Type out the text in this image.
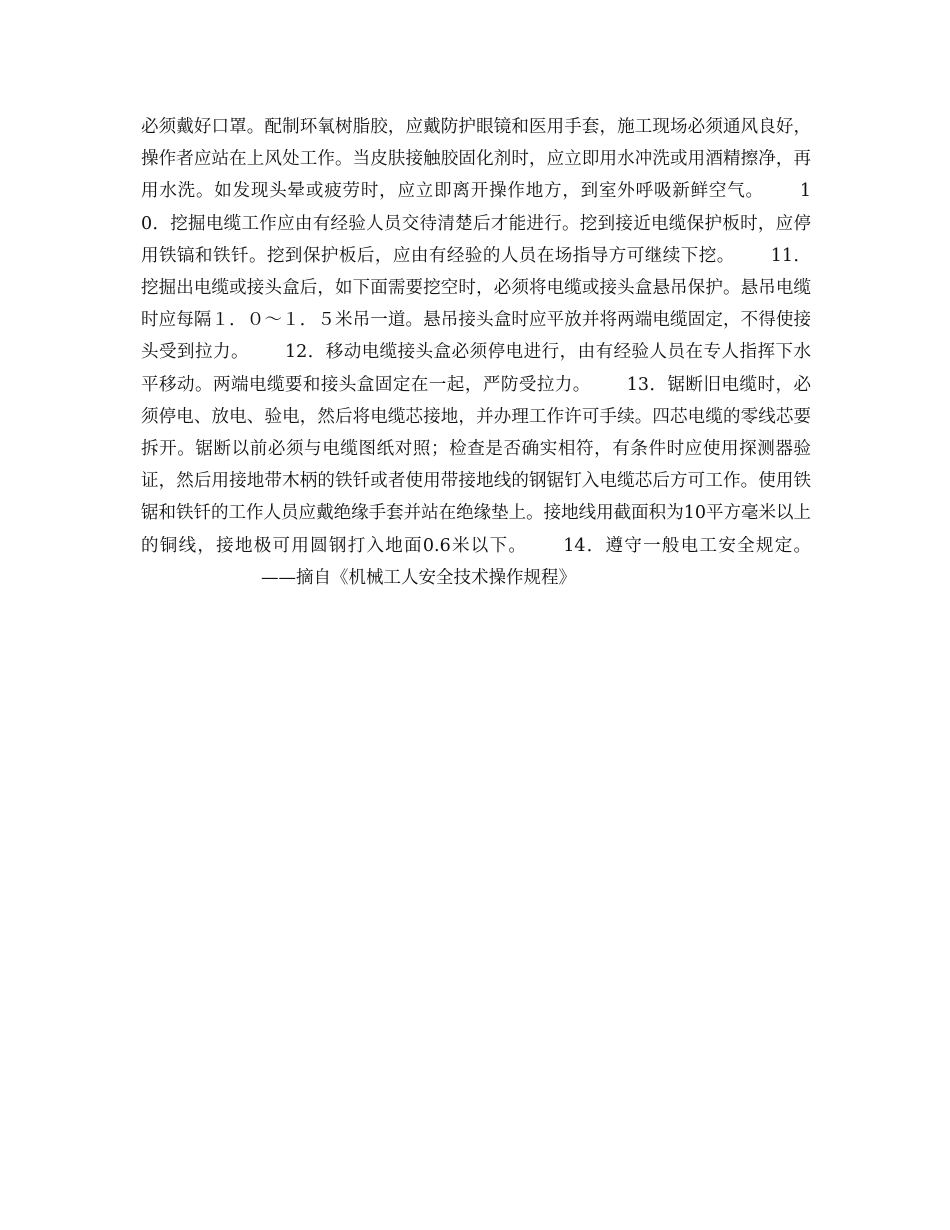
必须戴好口罩。配制环氧树脂胶，应戴防护眼镜和医用手套，施工现场必须通风良好，操作者应站在上风处工作。当皮肤接触胶固化剂时，应立即用水冲洗或用酒精擦净，再用水洗。如发现头晕或疲劳时，应立即离开操作地方，到室外呼吸新鲜空气。 10．挖掘电缆工作应由有经验人员交待清楚后才能进行。挖到接近电缆保护板时，应停用铁镐和铁钎。挖到保护板后，应由有经验的人员在场指导方可继续下挖。 11．挖掘出电缆或接头盒后，如下面需要挖空时，必须将电缆或接头盒悬吊保护。悬吊电缆时应每隔１．０～１．５米吊一道。悬吊接头盒时应平放并将两端电缆固定，不得使接头受到拉力。 12．移动电缆接头盒必须停电进行，由有经验人员在专人指挥下水平移动。两端电缆要和接头盒固定在一起，严防受拉力。 13．锯断旧电缆时，必须停电、放电、验电，然后将电缆芯接地，并办理工作许可手续。四芯电缆的零线芯要拆开。锯断以前必须与电缆图纸对照；检查是否确实相符，有条件时应使用探测器验证，然后用接地带木柄的铁钎或者使用带接地线的钢锯钉入电缆芯后方可工作。使用铁锯和铁钎的工作人员应戴绝缘手套并站在绝缘垫上。接地线用截面积为10平方毫米以上的铜线，接地极可用圆钢打入地面0.6米以下。 14．遵守一般电工安全规定。——摘自《机械工人安全技术操作规程》
